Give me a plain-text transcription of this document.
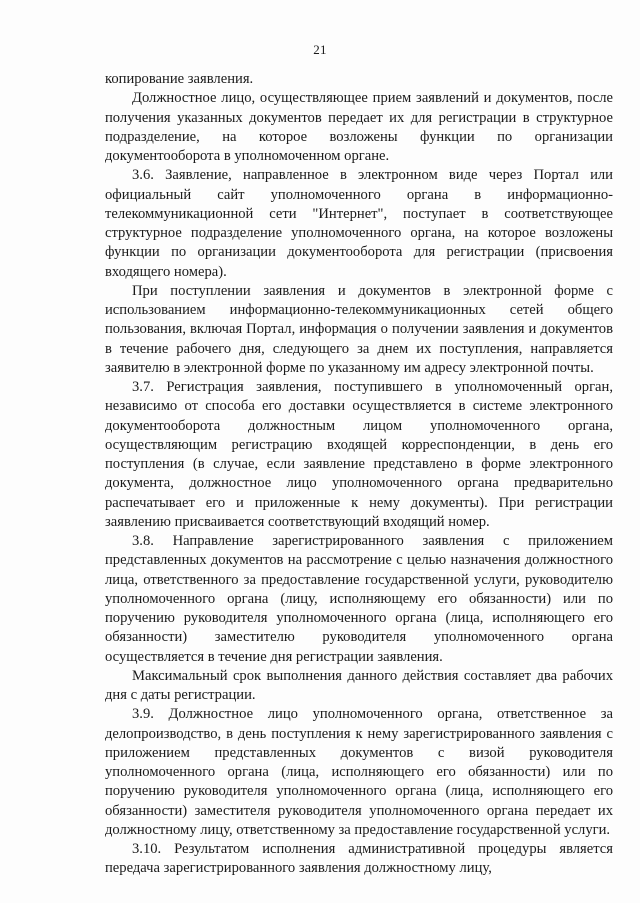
21

копирование заявления.

Должностное лицо, осуществляющее прием заявлений и документов, после получения указанных документов передает их для регистрации в структурное подразделение, на которое возложены функции по организации документооборота в уполномоченном органе.

3.6. Заявление, направленное в электронном виде через Портал или официальный сайт уполномоченного органа в информационно-телекоммуникационной сети "Интернет", поступает в соответствующее структурное подразделение уполномоченного органа, на которое возложены функции по организации документооборота для регистрации (присвоения входящего номера).

При поступлении заявления и документов в электронной форме с использованием информационно-телекоммуникационных сетей общего пользования, включая Портал, информация о получении заявления и документов в течение рабочего дня, следующего за днем их поступления, направляется заявителю в электронной форме по указанному им адресу электронной почты.

3.7. Регистрация заявления, поступившего в уполномоченный орган, независимо от способа его доставки осуществляется в системе электронного документооборота должностным лицом уполномоченного органа, осуществляющим регистрацию входящей корреспонденции, в день его поступления (в случае, если заявление представлено в форме электронного документа, должностное лицо уполномоченного органа предварительно распечатывает его и приложенные к нему документы). При регистрации заявлению присваивается соответствующий входящий номер.

3.8. Направление зарегистрированного заявления с приложением представленных документов на рассмотрение с целью назначения должностного лица, ответственного за предоставление государственной услуги, руководителю уполномоченного органа (лицу, исполняющему его обязанности) или по поручению руководителя уполномоченного органа (лица, исполняющего его обязанности) заместителю руководителя уполномоченного органа осуществляется в течение дня регистрации заявления.

Максимальный срок выполнения данного действия составляет два рабочих дня с даты регистрации.

3.9. Должностное лицо уполномоченного органа, ответственное за делопроизводство, в день поступления к нему зарегистрированного заявления с приложением представленных документов с визой руководителя уполномоченного органа (лица, исполняющего его обязанности) или по поручению руководителя уполномоченного органа (лица, исполняющего его обязанности) заместителя руководителя уполномоченного органа передает их должностному лицу, ответственному за предоставление государственной услуги.

3.10. Результатом исполнения административной процедуры является передача зарегистрированного заявления должностному лицу,
